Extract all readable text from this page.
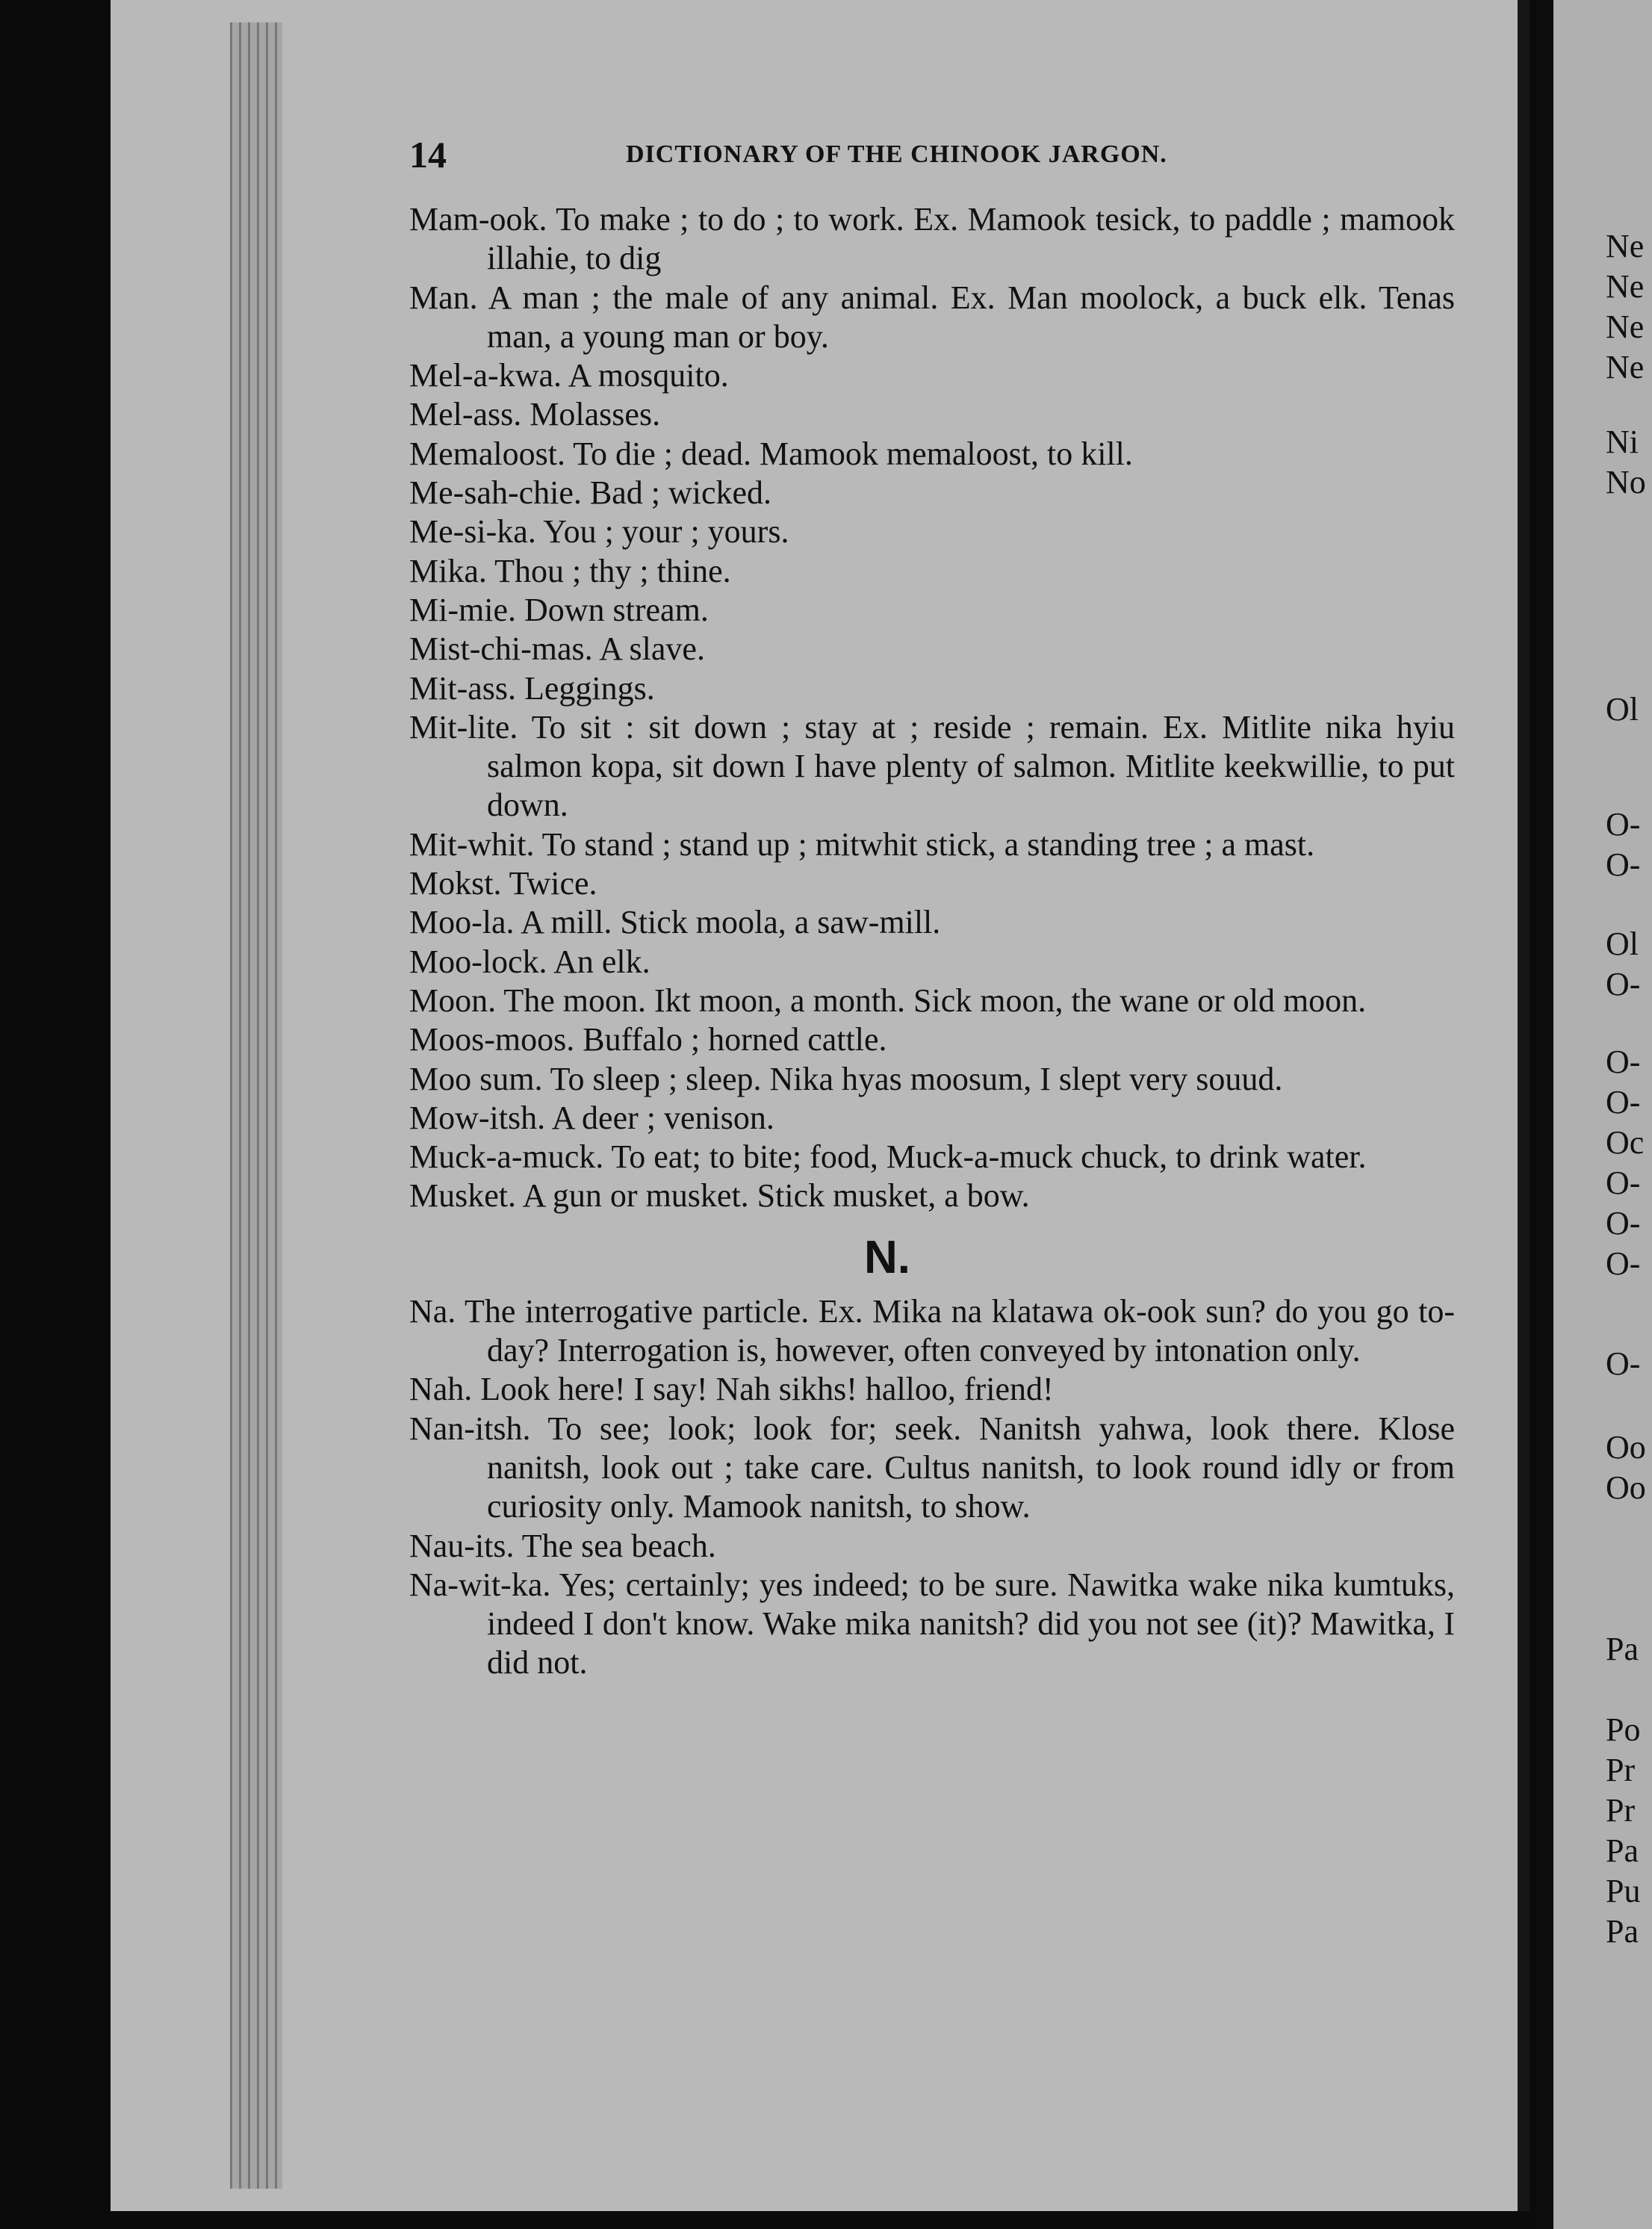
14	DICTIONARY OF THE CHINOOK JARGON.
Mam-ook. To make ; to do ; to work. Ex. Mamook tesick, to paddle ; mamook illahie, to dig
Man. A man ; the male of any animal. Ex. Man moolock, a buck elk. Tenas man, a young man or boy.
Mel-a-kwa. A mosquito.
Mel-ass. Molasses.
Memaloost. To die ; dead. Mamook memaloost, to kill.
Me-sah-chie. Bad ; wicked.
Me-si-ka. You ; your ; yours.
Mika. Thou ; thy ; thine.
Mi-mie. Down stream.
Mist-chi-mas. A slave.
Mit-ass. Leggings.
Mit-lite. To sit : sit down ; stay at ; reside ; remain. Ex. Mitlite nika hyiu salmon kopa, sit down I have plenty of salmon. Mitlite keekwillie, to put down.
Mit-whit. To stand ; stand up ; mitwhit stick, a standing tree ; a mast.
Mokst. Twice.
Moo-la. A mill. Stick moola, a saw-mill.
Moo-lock. An elk.
Moon. The moon. Ikt moon, a month. Sick moon, the wane or old moon.
Moos-moos. Buffalo ; horned cattle.
Moo sum. To sleep ; sleep. Nika hyas moosum, I slept very souud.
Mow-itsh. A deer ; venison.
Muck-a-muck. To eat; to bite; food, Muck-a-muck chuck, to drink water.
Musket. A gun or musket. Stick musket, a bow.
N.
Na. The interrogative particle. Ex. Mika na klatawa ok-ook sun? do you go to-day? Interrogation is, however, often conveyed by intonation only.
Nah. Look here! I say! Nah sikhs! halloo, friend!
Nan-itsh. To see; look; look for; seek. Nanitsh yahwa, look there. Klose nanitsh, look out ; take care. Cultus nanitsh, to look round idly or from curiosity only. Mamook nanitsh, to show.
Nau-its. The sea beach.
Na-wit-ka. Yes; certainly; yes indeed; to be sure. Nawitka wake nika kumtuks, indeed I don't know. Wake mika nanitsh? did you not see (it)? Mawitka, I did not.
Ne
Ne
Ne
Ne
Ni
No
Ol
O-
O-
Ol
O-
O-
O-
Oc
O-
O-
O-
O-
Oo
Oo
Pa
Po
Pr
Pr
Pa
Pu
Pa
